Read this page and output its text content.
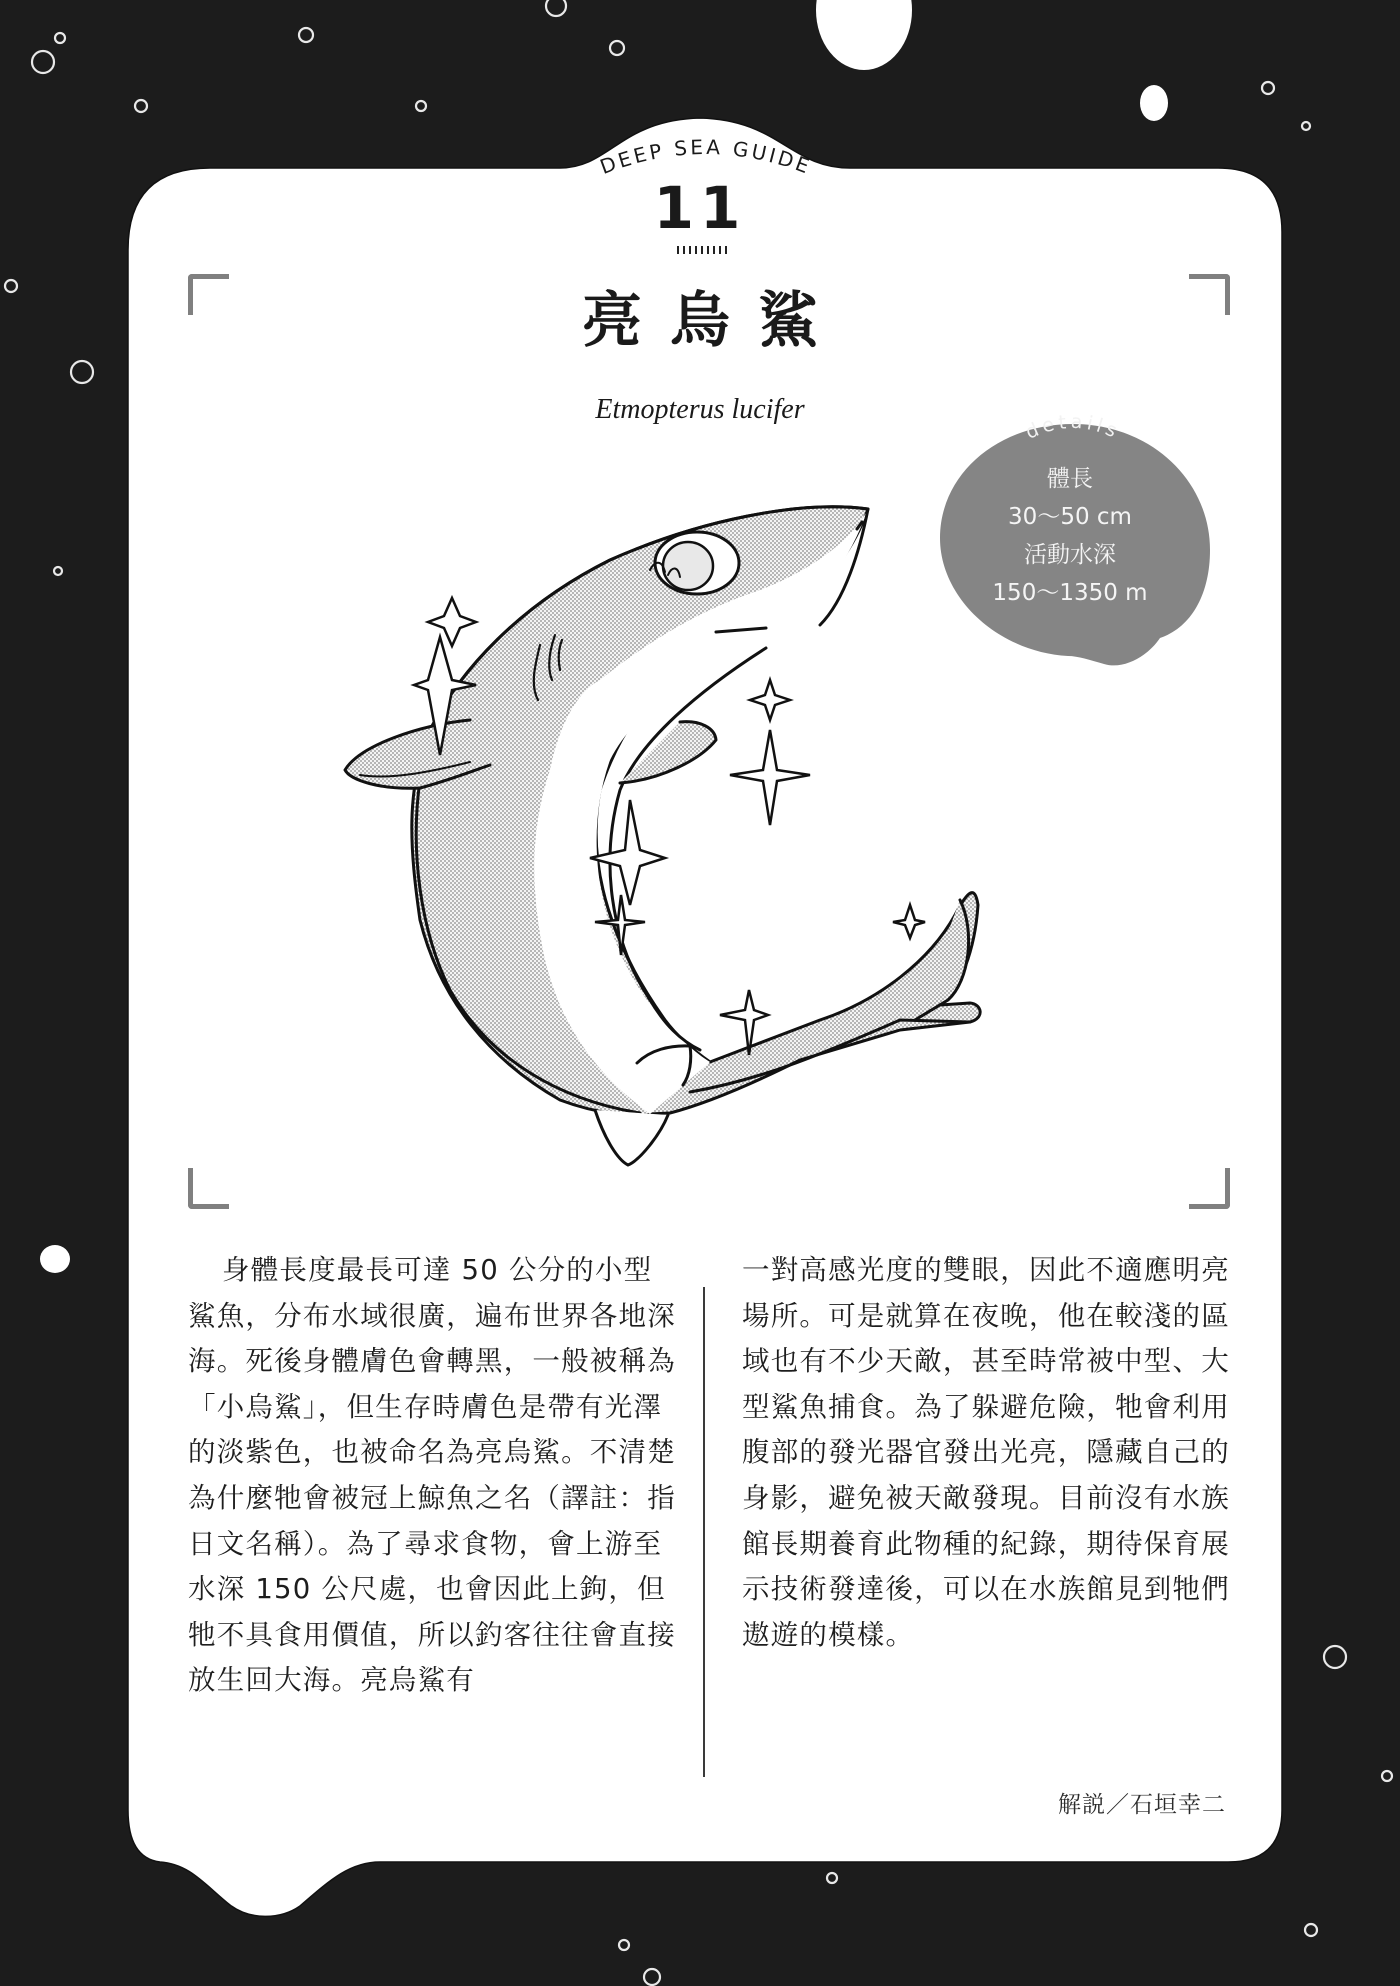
DEEP SEA GUIDE
11
亮烏鯊
Etmopterus lucifer
details
體長
30～50 cm
活動水深
150～1350 m

身體長度最長可達 50 公分的小型鯊魚，分布水域很廣，遍布世界各地深海。死後身體膚色會轉黑，一般被稱為「小烏鯊」，但生存時膚色是帶有光澤的淡紫色，也被命名為亮烏鯊。不清楚為什麼牠會被冠上鯨魚之名（譯註：指日文名稱）。為了尋求食物，會上游至水深 150 公尺處，也會因此上鉤，但牠不具食用價值，所以釣客往往會直接放生回大海。亮烏鯊有

一對高感光度的雙眼，因此不適應明亮場所。可是就算在夜晚，他在較淺的區域也有不少天敵，甚至時常被中型、大型鯊魚捕食。為了躲避危險，牠會利用腹部的發光器官發出光亮，隱藏自己的身影，避免被天敵發現。目前沒有水族館長期養育此物種的紀錄，期待保育展示技術發達後，可以在水族館見到牠們遨遊的模樣。

解説／石垣幸二
